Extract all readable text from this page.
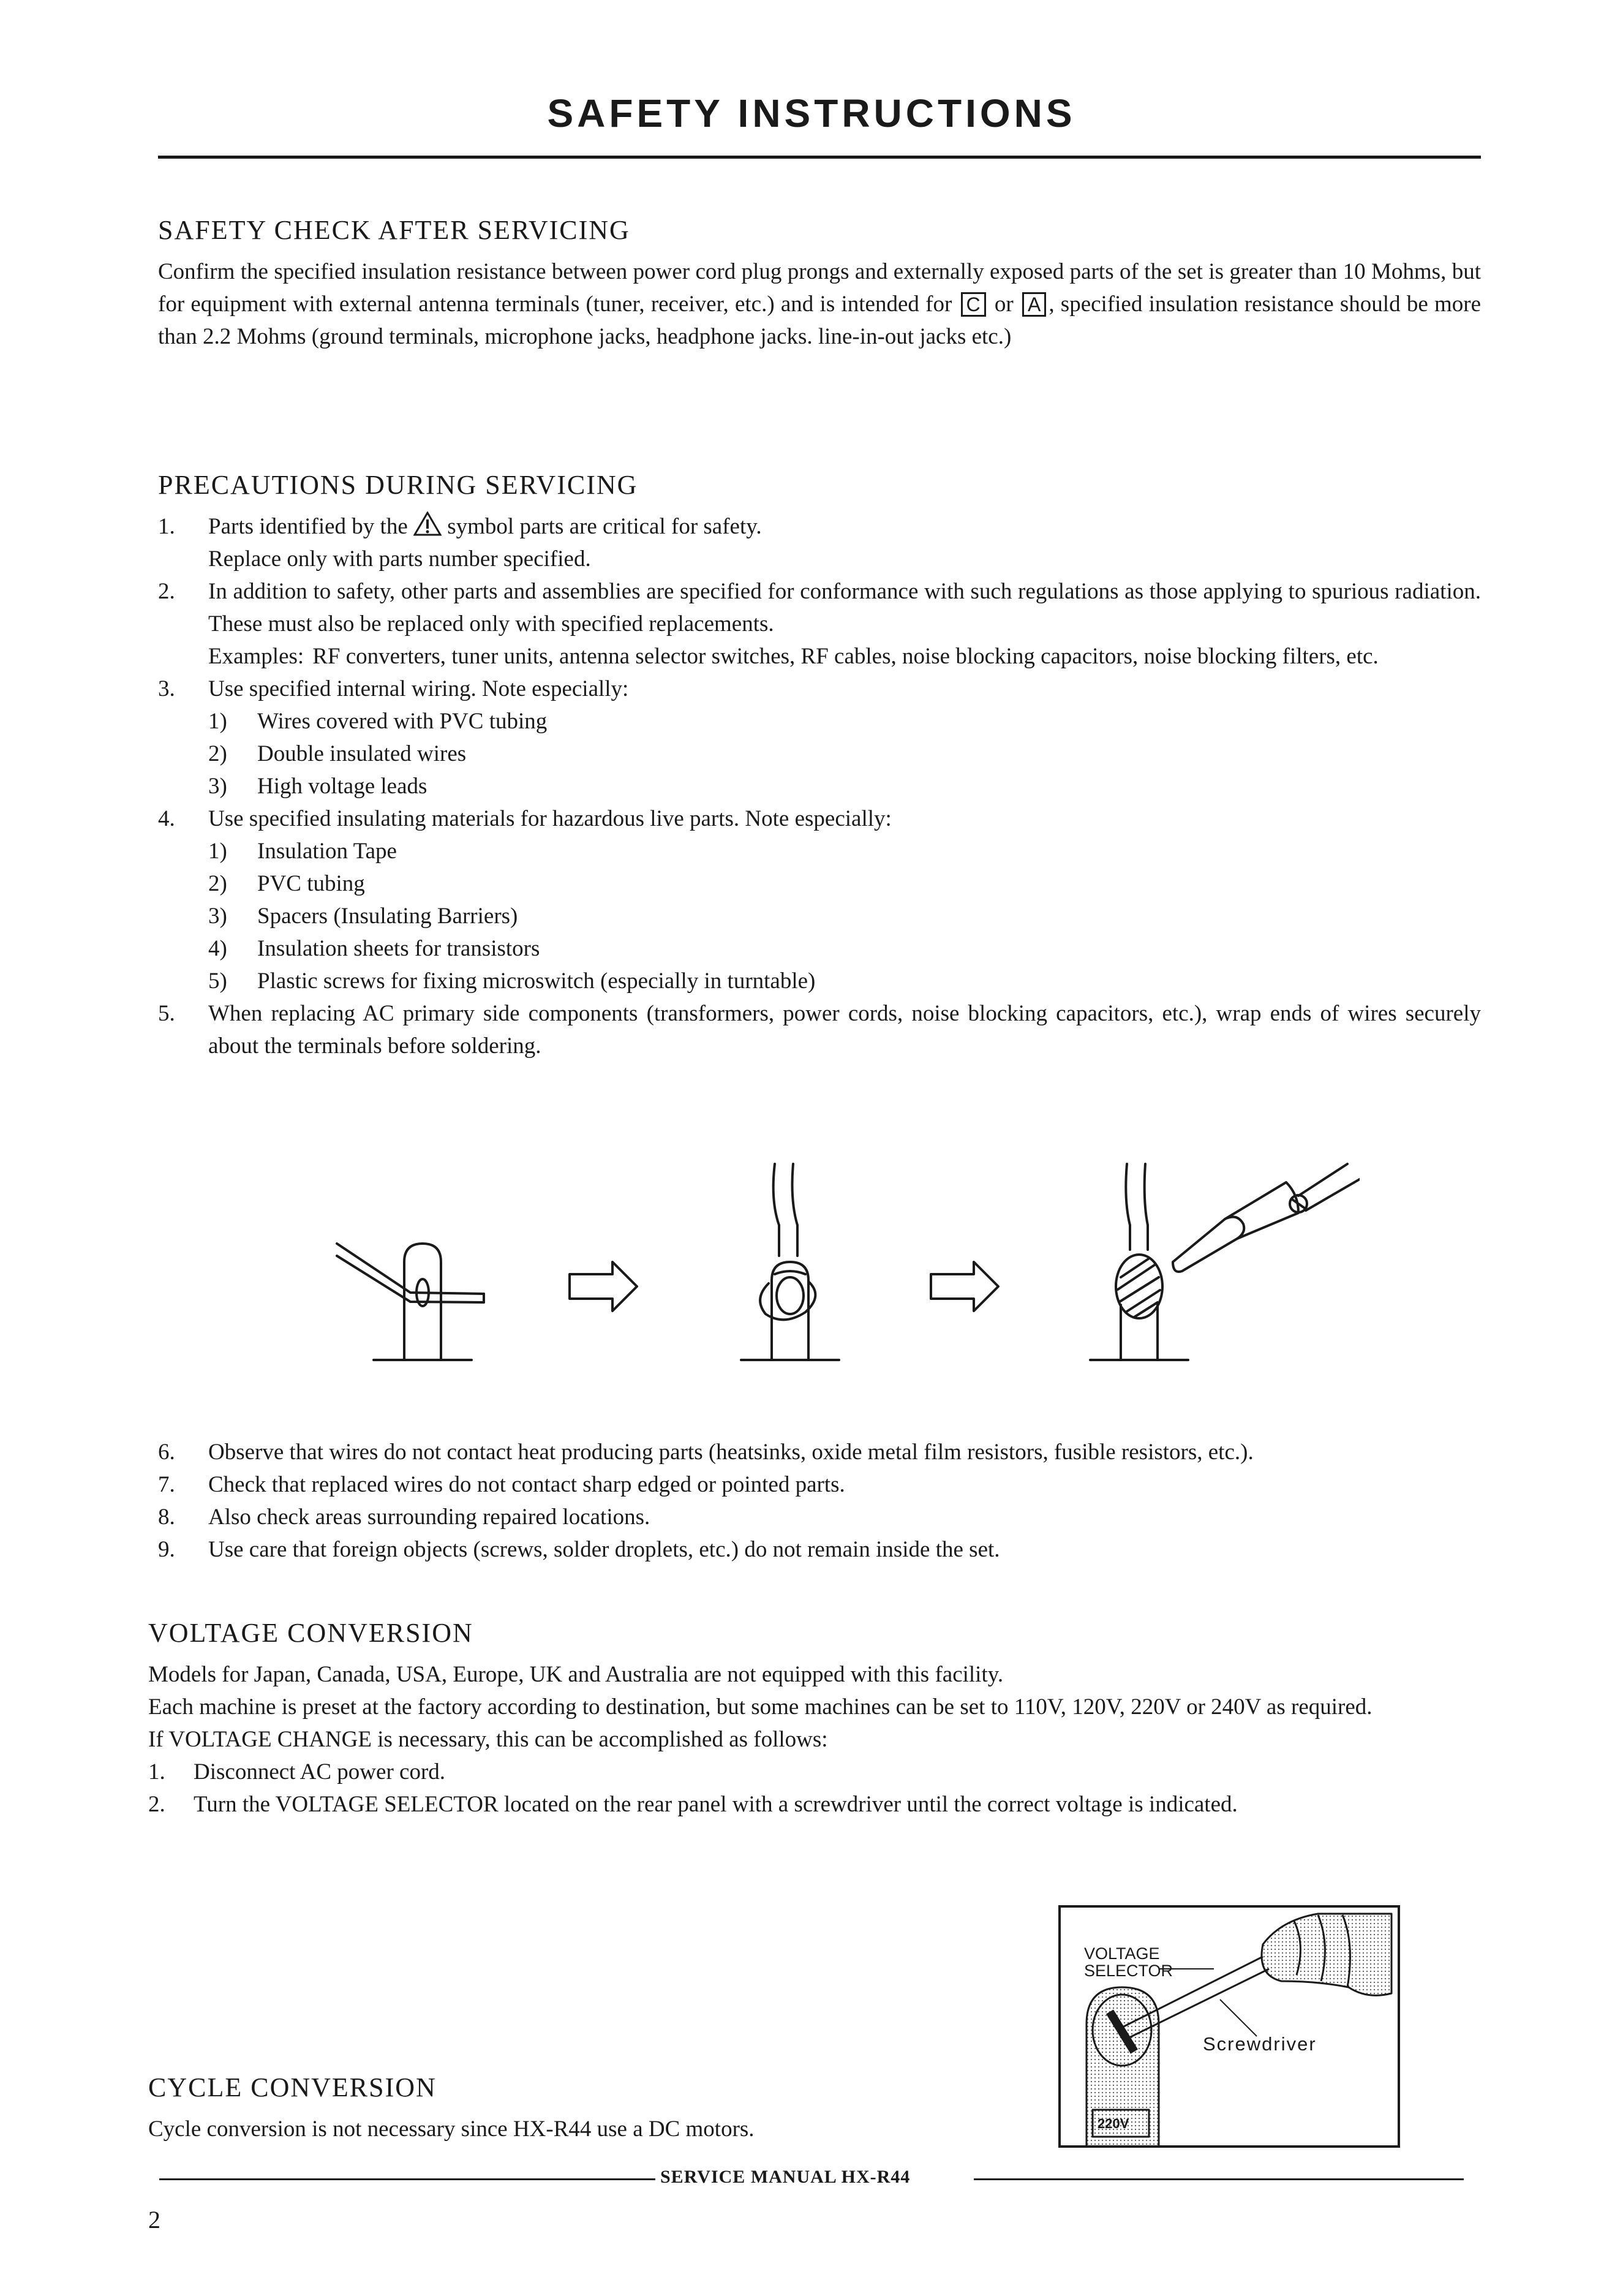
SAFETY INSTRUCTIONS
SAFETY CHECK AFTER SERVICING

Confirm the specified insulation resistance between power cord plug prongs and externally exposed parts of the set is greater than 10 Mohms, but for equipment with external antenna terminals (tuner, receiver, etc.) and is intended for C or A , specified insulation resistance should be more than 2.2 Mohms (ground terminals, microphone jacks, headphone jacks. line-in-out jacks etc.)

PRECAUTIONS DURING SERVICING
1.	Parts identified by the symbol parts are critical for safety.
Replace only with parts number specified.
2.	In addition to safety, other parts and assemblies are specified for conformance with such regulations as those applying to spurious radiation. These must also be replaced only with specified replacements.
Examples: RF converters, tuner units, antenna selector switches, RF cables, noise blocking capacitors, noise blocking filters, etc.
3.	Use specified internal wiring. Note especially:
1) Wires covered with PVC tubing
2) Double insulated wires
3) High voltage leads
4.	Use specified insulating materials for hazardous live parts. Note especially:
1) Insulation Tape
2) PVC tubing
3) Spacers (Insulating Barriers)
4) Insulation sheets for transistors
5) Plastic screws for fixing microswitch (especially in turntable)
5.	When replacing AC primary side components (transformers, power cords, noise blocking capacitors, etc.), wrap ends of wires securely about the terminals before soldering.
6.	Observe that wires do not contact heat producing parts (heatsinks, oxide metal film resistors, fusible resistors, etc.).
7.	Check that replaced wires do not contact sharp edged or pointed parts.
8.	Also check areas surrounding repaired locations.
9.	Use care that foreign objects (screws, solder droplets, etc.) do not remain inside the set.
VOLTAGE CONVERSION

Models for Japan, Canada, USA, Europe, UK and Australia are not equipped with this facility.

Each machine is preset at the factory according to destination, but some machines can be set to 110V, 120V, 220V or 240V as required.

If VOLTAGE CHANGE is necessary, this can be accomplished as follows:

1.	Disconnect AC power cord.
2.	Turn the VOLTAGE SELECTOR located on the rear panel with a screwdriver until the correct voltage is indicated.
VOLTAGE
SELECTOR
Screwdriver
220V
CYCLE CONVERSION

Cycle conversion is not necessary since HX-R44 use a DC motors.

SERVICE MANUAL HX-R44
2
